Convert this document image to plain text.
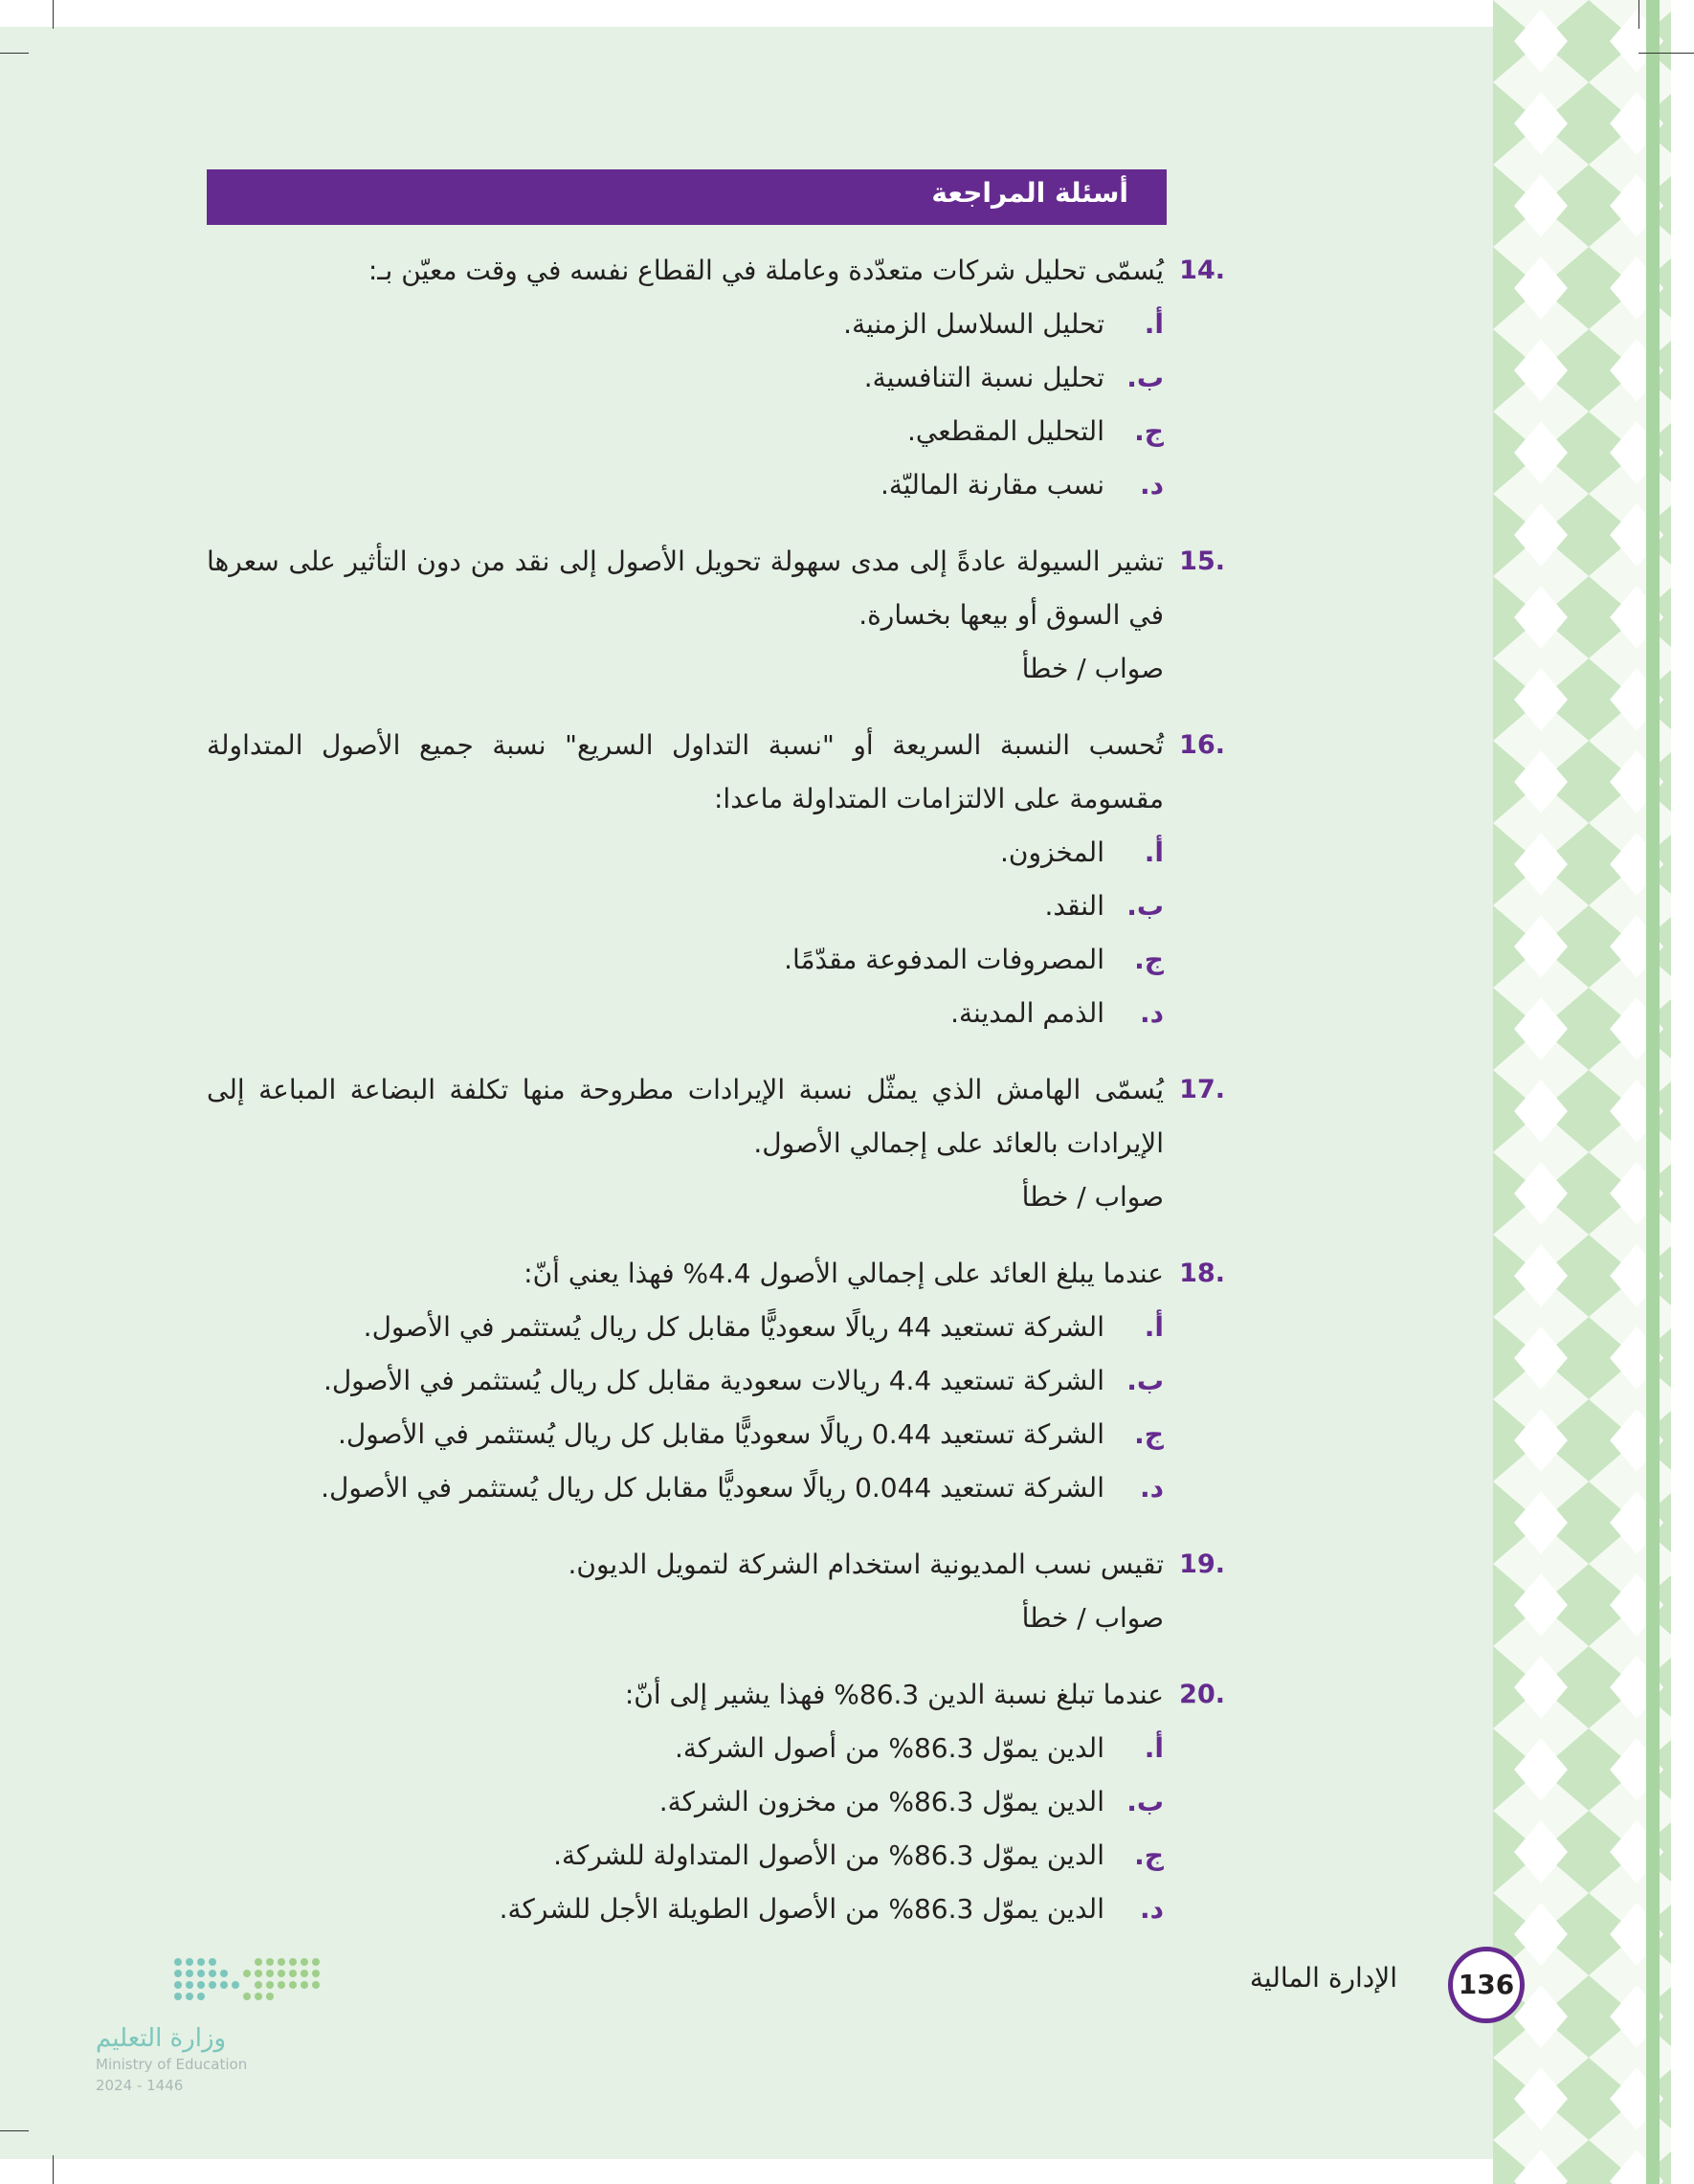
أسئلة المراجعة
14.
يُسمّى تحليل شركات متعدّدة وعاملة في القطاع نفسه في وقت معيّن بـ:
أ.
تحليل السلاسل الزمنية.
ب.
تحليل نسبة التنافسية.
ج.
التحليل المقطعي.
د.
نسب مقارنة الماليّة.
15.
تشير السيولة عادةً إلى مدى سهولة تحويل الأصول إلى نقد من دون التأثير على سعرها في السوق أو بيعها بخسارة.
صواب / خطأ
16.
تُحسب النسبة السريعة أو "نسبة التداول السريع" نسبة جميع الأصول المتداولة مقسومة على الالتزامات المتداولة ماعدا:
أ.
المخزون.
ب.
النقد.
ج.
المصروفات المدفوعة مقدّمًا.
د.
الذمم المدينة.
17.
يُسمّى الهامش الذي يمثّل نسبة الإيرادات مطروحة منها تكلفة البضاعة المباعة إلى الإيرادات بالعائد على إجمالي الأصول.
صواب / خطأ
18.
عندما يبلغ العائد على إجمالي الأصول 4.4% فهذا يعني أنّ:
أ.
الشركة تستعيد 44 ريالًا سعوديًّا مقابل كل ريال يُستثمر في الأصول.
ب.
الشركة تستعيد 4.4 ريالات سعودية مقابل كل ريال يُستثمر في الأصول.
ج.
الشركة تستعيد 0.44 ريالًا سعوديًّا مقابل كل ريال يُستثمر في الأصول.
د.
الشركة تستعيد 0.044 ريالًا سعوديًّا مقابل كل ريال يُستثمر في الأصول.
19.
تقيس نسب المديونية استخدام الشركة لتمويل الديون.
صواب / خطأ
20.
عندما تبلغ نسبة الدين 86.3% فهذا يشير إلى أنّ:
أ.
الدين يموّل 86.3% من أصول الشركة.
ب.
الدين يموّل 86.3% من مخزون الشركة.
ج.
الدين يموّل 86.3% من الأصول المتداولة للشركة.
د.
الدين يموّل 86.3% من الأصول الطويلة الأجل للشركة.
136
الإدارة المالية
وزارة التعليم
Ministry of Education
2024 - 1446
